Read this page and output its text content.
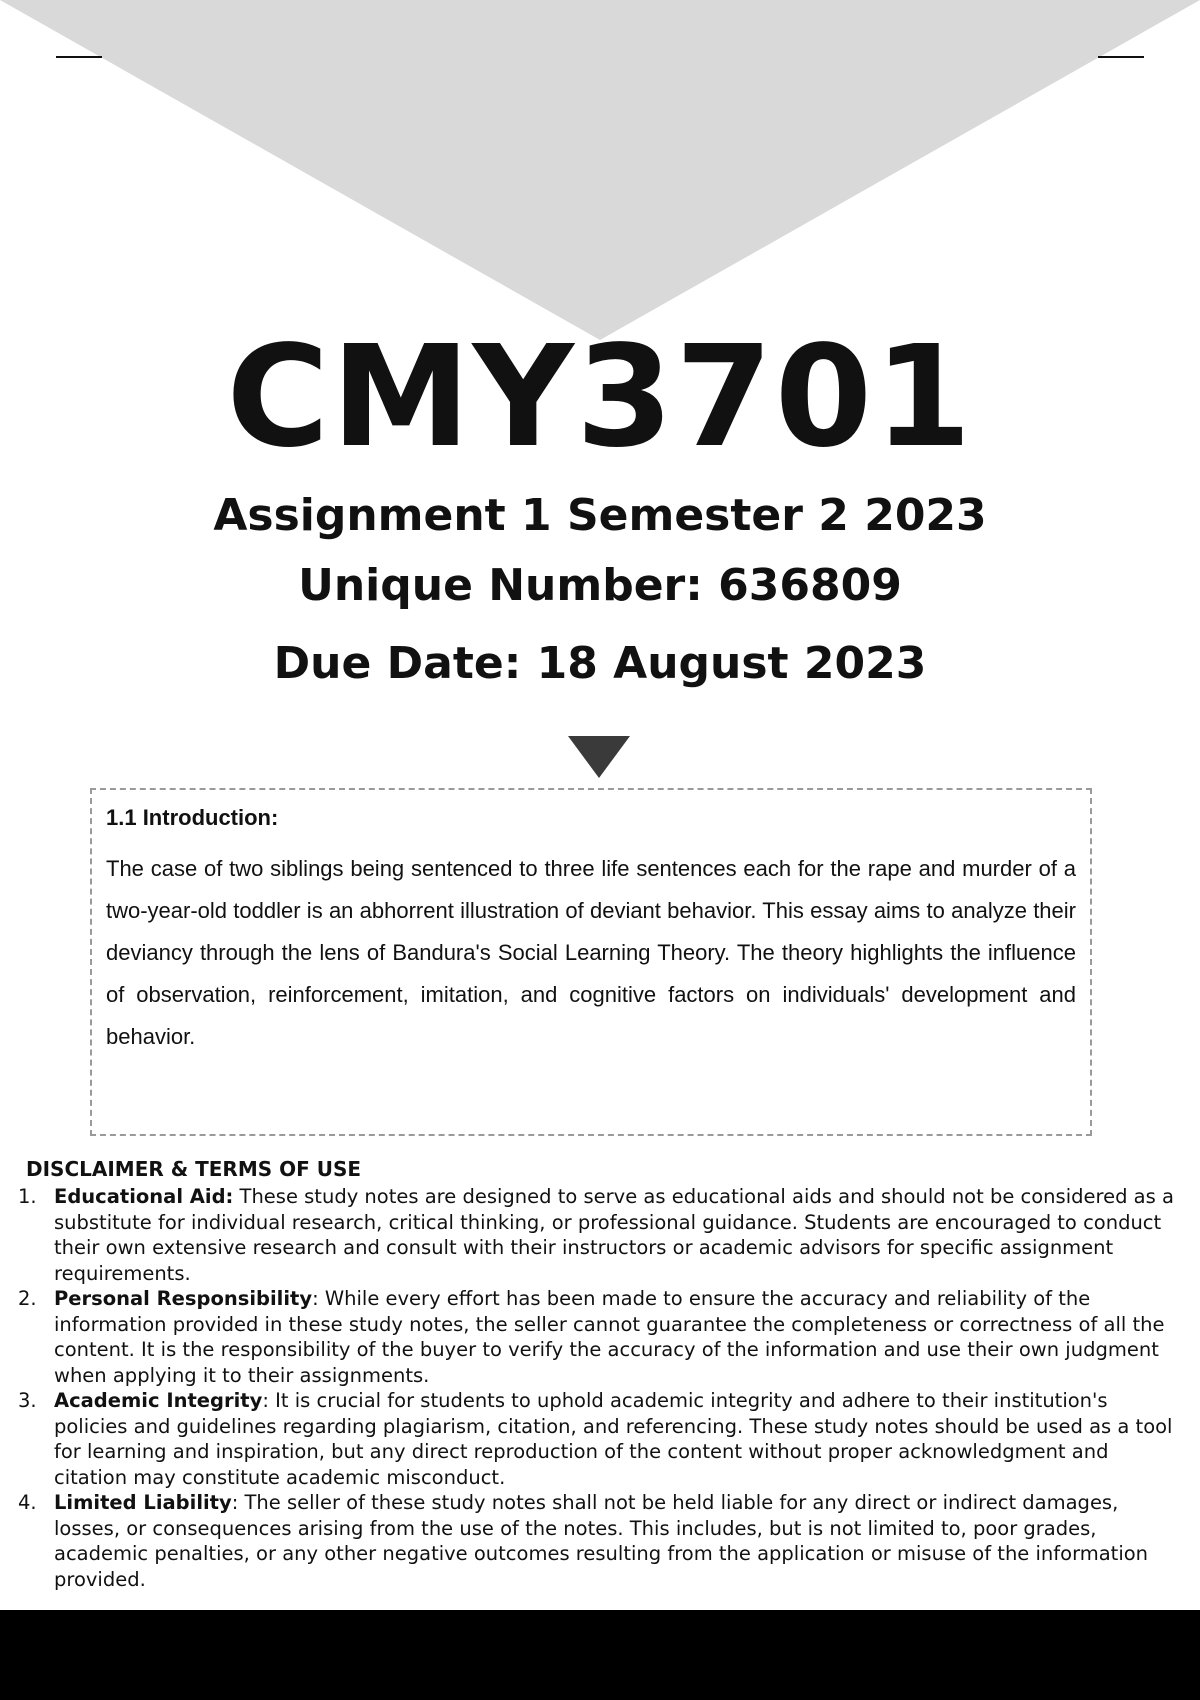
CMY3701
Assignment 1 Semester 2 2023
Unique Number: 636809
Due Date: 18 August 2023

1.1 Introduction:

The case of two siblings being sentenced to three life sentences each for the rape and murder of a two-year-old toddler is an abhorrent illustration of deviant behavior. This essay aims to analyze their deviancy through the lens of Bandura's Social Learning Theory. The theory highlights the influence of observation, reinforcement, imitation, and cognitive factors on individuals' development and behavior.

DISCLAIMER & TERMS OF USE
1. Educational Aid: These study notes are designed to serve as educational aids and should not be considered as a substitute for individual research, critical thinking, or professional guidance. Students are encouraged to conduct their own extensive research and consult with their instructors or academic advisors for specific assignment requirements.
2. Personal Responsibility: While every effort has been made to ensure the accuracy and reliability of the information provided in these study notes, the seller cannot guarantee the completeness or correctness of all the content. It is the responsibility of the buyer to verify the accuracy of the information and use their own judgment when applying it to their assignments.
3. Academic Integrity: It is crucial for students to uphold academic integrity and adhere to their institution's policies and guidelines regarding plagiarism, citation, and referencing. These study notes should be used as a tool for learning and inspiration, but any direct reproduction of the content without proper acknowledgment and citation may constitute academic misconduct.
4. Limited Liability: The seller of these study notes shall not be held liable for any direct or indirect damages, losses, or consequences arising from the use of the notes. This includes, but is not limited to, poor grades, academic penalties, or any other negative outcomes resulting from the application or misuse of the information provided.
